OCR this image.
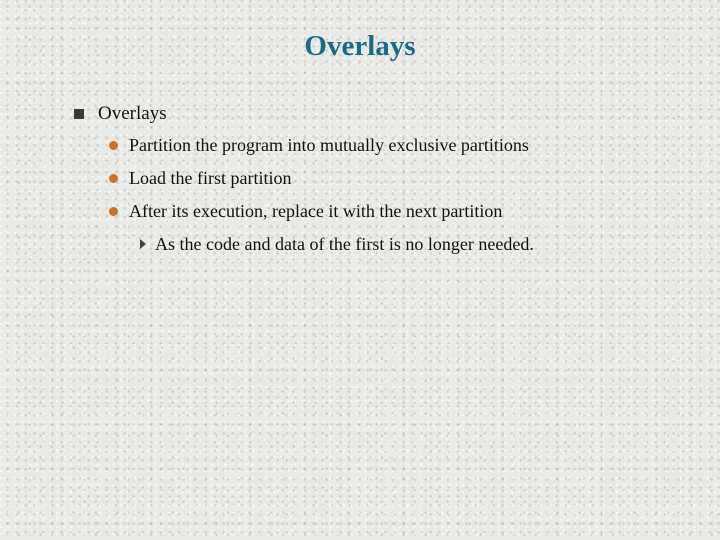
Overlays
Overlays
Partition the program into mutually exclusive partitions
Load the first partition
After its execution, replace it with the next partition
As the code and data of the first is no longer needed.
